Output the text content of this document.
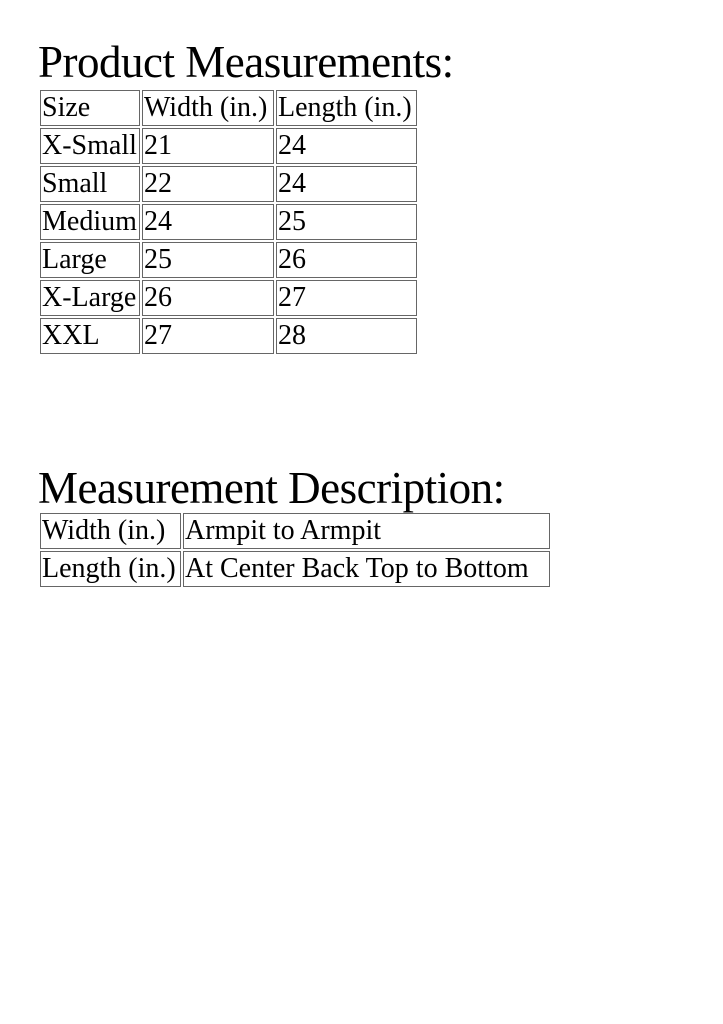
Product Measurements:
Size	Width (in.)	Length (in.)
X-Small	21	24
Small	22	24
Medium	24	25
Large	25	26
X-Large	26	27
XXL	27	28
Measurement Description:
Width (in.)	Armpit to Armpit
Length (in.)	At Center Back Top to Bottom
